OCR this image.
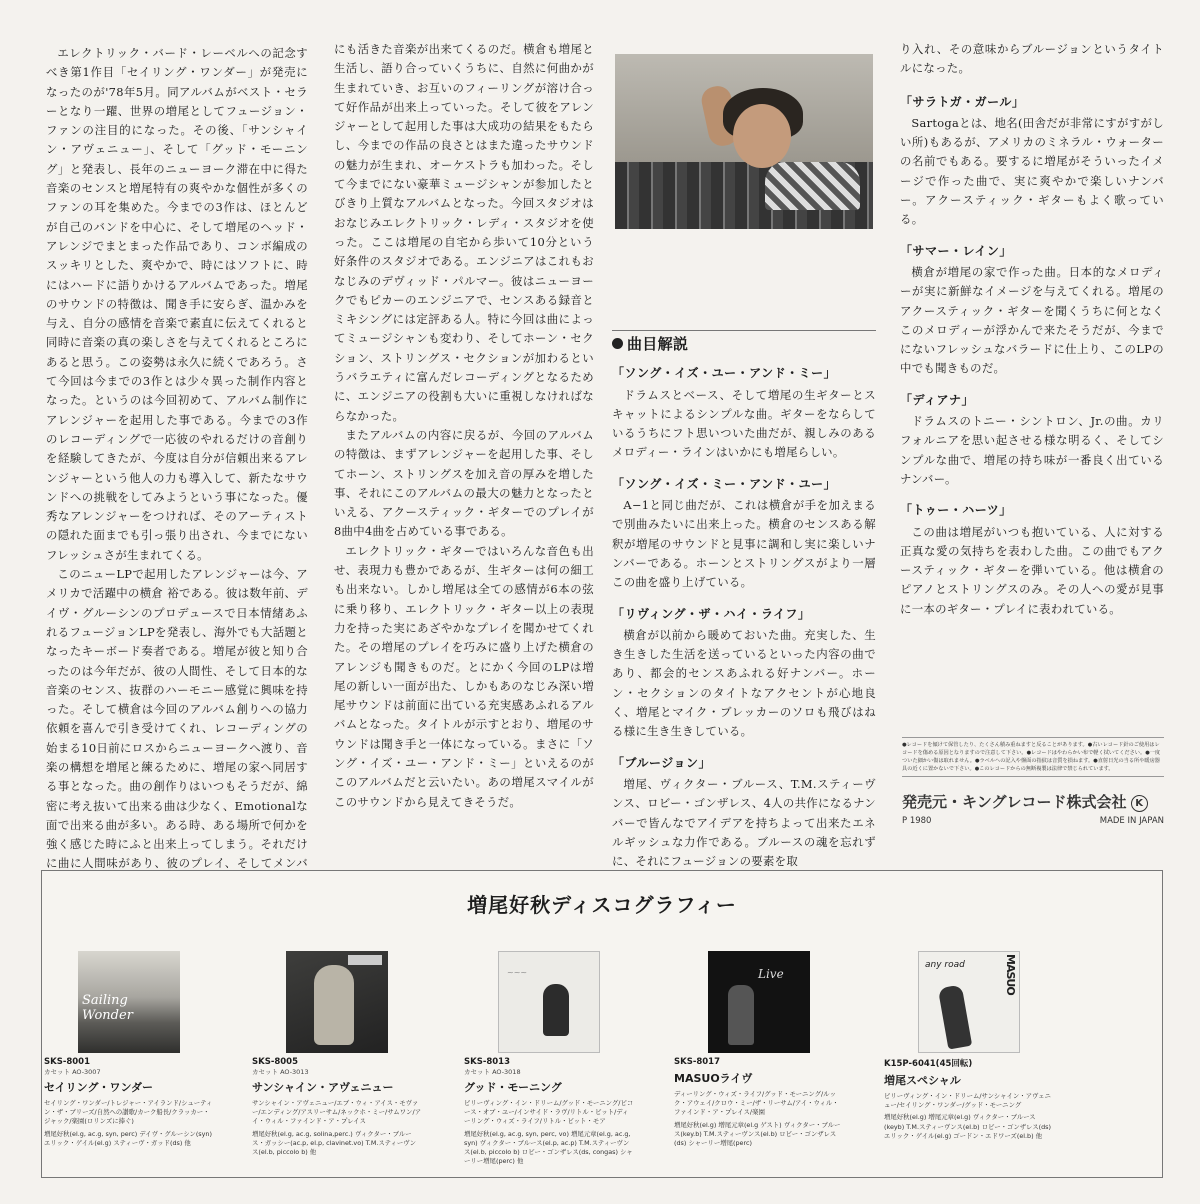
エレクトリック・バード・レーベルへの記念すべき第1作目「セイリング・ワンダー」が発売になったのが'78年5月。同アルバムがベスト・セラーとなり一躍、世界の増尾としてフュージョン・ファンの注目的になった。その後、「サンシャイン・アヴェニュー」、そして「グッド・モーニング」と発表し、長年のニューヨーク滞在中に得た音楽のセンスと増尾特有の爽やかな個性が多くのファンの耳を集めた。今までの3作は、ほとんどが自己のバンドを中心に、そして増尾のヘッド・アレンジでまとまった作品であり、コンボ編成のスッキリとした、爽やかで、時にはソフトに、時にはハードに語りかけるアルバムであった。増尾のサウンドの特徴は、聞き手に安らぎ、温かみを与え、自分の感情を音楽で素直に伝えてくれると同時に音楽の真の楽しさを与えてくれるところにあると思う。この姿勢は永久に続くであろう。さて今回は今までの3作とは少々異った制作内容となった。というのは今回初めて、アルバム制作にアレンジャーを起用した事である。今までの3作のレコーディングで一応彼のやれるだけの音創りを経験してきたが、今度は自分が信頼出来るアレンジャーという他人の力も導入して、新たなサウンドへの挑戦をしてみようという事になった。優秀なアレンジャーをつければ、そのアーティストの隠れた面までも引っ張り出され、今までにないフレッシュさが生まれてくる。

このニューLPで起用したアレンジャーは今、アメリカで活躍中の横倉 裕である。彼は数年前、デイヴ・グルーシンのプロデュースで日本情緒あふれるフュージョンLPを発表し、海外でも大話題となったキーボード奏者である。増尾が彼と知り合ったのは今年だが、彼の人間性、そして日本的な音楽のセンス、抜群のハーモニー感覚に興味を持った。そして横倉は今回のアルバム創りへの協力依頼を喜んで引き受けてくれ、レコーディングの始まる10日前にロスからニューヨークへ渡り、音楽の構想を増尾と練るために、増尾の家へ同居する事となった。曲の創作りはいつもそうだが、綿密に考え抜いて出来る曲は少なく、Emotionalな面で出来る曲が多い。ある時、ある場所で何かを強く感じた時にふと出来上ってしまう。それだけに曲に人間味があり、彼のプレイ、そしてメンバ

にも活きた音楽が出来てくるのだ。横倉も増尾と生活し、語り合っていくうちに、自然に何曲かが生まれていき、お互いのフィーリングが溶け合って好作品が出来上っていった。そして彼をアレンジャーとして起用した事は大成功の結果をもたらし、今までの作品の良さとはまた違ったサウンドの魅力が生まれ、オーケストラも加わった。そして今までにない豪華ミュージシャンが参加したとびきり上質なアルバムとなった。今回スタジオはおなじみエレクトリック・レディ・スタジオを使った。ここは増尾の自宅から歩いて10分という好条件のスタジオである。エンジニアはこれもおなじみのデヴィッド・パルマー。彼はニューヨークでもピカーのエンジニアで、センスある録音とミキシングには定評ある人。特に今回は曲によってミュージシャンも変わり、そしてホーン・セクション、ストリングス・セクションが加わるというバラエティに富んだレコーディングとなるために、エンジニアの役割も大いに重視しなければならなかった。

またアルバムの内容に戻るが、今回のアルバムの特徴は、まずアレンジャーを起用した事、そしてホーン、ストリングスを加え音の厚みを増した事、それにこのアルバムの最大の魅力となったといえる、アクースティック・ギターでのプレイが8曲中4曲を占めている事である。

エレクトリック・ギターではいろんな音色も出せ、表現力も豊かであるが、生ギターは何の細工も出来ない。しかし増尾は全ての感情が6本の弦に乗り移り、エレクトリック・ギター以上の表現力を持った実にあざやかなプレイを聞かせてくれた。その増尾のプレイを巧みに盛り上げた横倉のアレンジも聞きものだ。とにかく今回のLPは増尾の新しい一面が出た、しかもあのなじみ深い増尾サウンドは前面に出ている充実感あふれるアルバムとなった。タイトルが示すとおり、増尾のサウンドは聞き手と一体になっている。まさに「ソング・イズ・ユー・アンド・ミー」といえるのがこのアルバムだと云いたい。あの増尾スマイルがこのサウンドから見えてきそうだ。

曲目解説
「ソング・イズ・ユー・アンド・ミー」

ドラムスとベース、そして増尾の生ギターとスキャットによるシンプルな曲。ギターをならしているうちにフト思いついた曲だが、親しみのあるメロディー・ラインはいかにも増尾らしい。

「ソング・イズ・ミー・アンド・ユー」

A−1と同じ曲だが、これは横倉が手を加えまるで別曲みたいに出来上った。横倉のセンスある解釈が増尾のサウンドと見事に調和し実に楽しいナンバーである。ホーンとストリングスがより一層この曲を盛り上げている。

「リヴィング・ザ・ハイ・ライフ」

横倉が以前から暖めておいた曲。充実した、生き生きした生活を送っているといった内容の曲であり、都会的センスあふれる好ナンバー。ホーン・セクションのタイトなアクセントが心地良く、増尾とマイク・ブレッカーのソロも飛びはねる様に生き生きしている。

「ブルージョン」

増尾、ヴィクター・ブルース、T.M.スティーヴンス、ロビー・ゴンザレス、4人の共作になるナンバーで皆んなでアイデアを持ちよって出来たエネルギッシュな力作である。ブルースの魂を忘れずに、それにフュージョンの要素を取

り入れ、その意味からブルージョンというタイトルになった。

「サラトガ・ガール」

Sartogaとは、地名(田舎だが非常にすがすがしい所)もあるが、アメリカのミネラル・ウォーターの名前でもある。要するに増尾がそういったイメージで作った曲で、実に爽やかで楽しいナンバー。アクースティック・ギターもよく歌っている。

「サマー・レイン」

横倉が増尾の家で作った曲。日本的なメロディーが実に新鮮なイメージを与えてくれる。増尾のアクースティック・ギターを聞くうちに何となくこのメロディーが浮かんで来たそうだが、今までにないフレッシュなバラードに仕上り、このLPの中でも聞きものだ。

「ディアナ」

ドラムスのトニー・シントロン、Jr.の曲。カリフォルニアを思い起させる様な明るく、そしてシンプルな曲で、増尾の持ち味が一番良く出ているナンバー。

「トゥー・ハーツ」

この曲は増尾がいつも抱いている、人に対する正真な愛の気持ちを表わした曲。この曲でもアクースティック・ギターを弾いている。他は横倉のピアノとストリングスのみ。その人への愛が見事に一本のギター・プレイに表われている。

●レコードを傾けて保管したり、たくさん積み重ねますと反ることがあります。●古いレコード針のご使用はレコードを傷める原因となりますので注意して下さい。●レコードはやわらかい布で軽く拭いてください。●一度ついた細かい傷は取れません。●ラベルへの記入や盤面の指紋は音質を損ねます。●直射日光の当る所や暖房器具の近くに置かないで下さい。●このレコードからの無断複製は法律で禁じられています。
発売元・キングレコード株式会社 K
P 1980	MADE IN JAPAN
増尾好秋ディスコグラフィー
Sailing Wonder
SKS-8001
カセット AO-3007
セイリング・ワンダー
セイリング・ワンダー/トレジャー・アイランド/シューティン・ザ・ブリーズ/自然への讃歌/カーク船長/クラッカー・ジャック/楽園(ロリンズに捧ぐ)
増尾好秋(el.g, ac.g, syn, perc) デイヴ・グルーシン(syn) エリック・ゲイル(el.g) スティーヴ・ガッド(ds) 他
SKS-8005
カセット AO-3013
サンシャイン・アヴェニュー
サンシャイン・アヴェニュー/エブ・ウィ・アイス・モヴァー/エンディング/アスリーサム/ネックホ・ミー/サムワン/アイ・ウィル・ファインド・ア・プレイス
増尾好秋(el.g, ac.g, solina,perc.) ヴィクター・ブルース・ガッシー(ac.p, el.p, clavinet.vo) T.M.スティーヴンス(el.b, piccolo b) 他
~~~
SKS-8013
カセット AO-3018
グッド・モーニング
ビリーヴィング・イン・ドリーム/グッド・モーニング/ピコース・オブ・ユー/インサイド・ラヴ/リトル・ビット/ディーリング・ウィズ・ライフ/リトル・ビット・モア
増尾好秋(el.g, ac.g, syn, perc, vo) 増尾元章(el.g, ac.g, syn) ヴィクター・ブルース(el.p, ac.p) T.M.スティーヴンス(el.b, piccolo b) ロビー・ゴンザレス(ds, congas) シャーリー増尾(perc) 他
Live
SKS-8017
MASUOライヴ
ディーリング・ウィズ・ライフ/グッド・モーニング/ルック・アウェイ/クロウ・ミー/ザ・リーサム/アイ・ウィル・ファインド・ア・プレイス/楽園
増尾好秋(el.g) 増尾元章(el.g ゲスト) ヴィクター・ブルース(key.b) T.M.スティーヴンス(el.b) ロビー・ゴンザレス(ds) シャーリー増尾(perc)
any road	MASUO
K15P-6041(45回転)
増尾スペシャル
ビリーヴィング・イン・ドリーム/サンシャイン・アヴェニュー/セイリング・ワンダー/グッド・モーニング
増尾好秋(el.g) 増尾元章(el.g) ヴィクター・ブルース(keyb) T.M.スティーヴンス(el.b) ロビー・ゴンザレス(ds) エリック・ゲイル(el.g) ゴードン・エドワーズ(el.b) 他
